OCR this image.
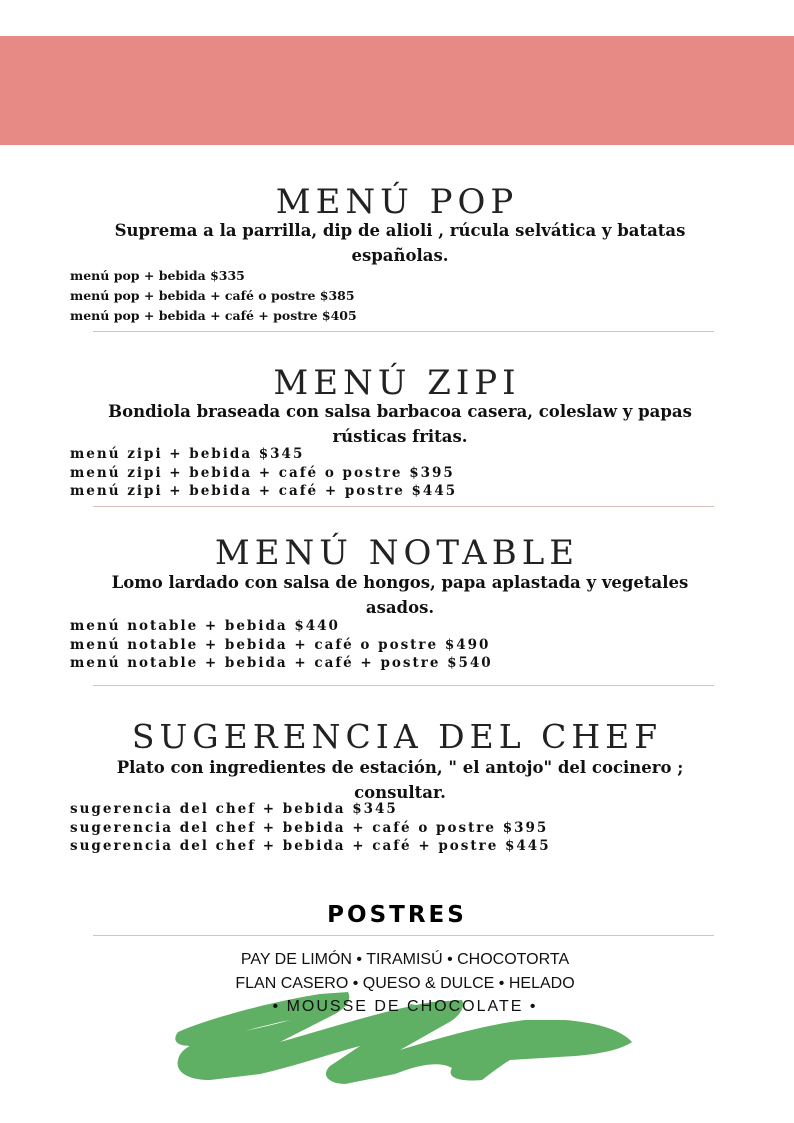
MENÚ POP
Suprema a la parrilla, dip de alioli , rúcula selvática y batatas españolas.
menú pop + bebida $335
menú pop + bebida + café o postre $385
menú pop + bebida + café + postre $405
MENÚ ZIPI
Bondiola braseada con salsa barbacoa casera, coleslaw y papas rústicas fritas.
menú zipi + bebida $345
menú zipi + bebida + café o postre $395
menú zipi + bebida + café + postre $445
MENÚ NOTABLE
Lomo lardado con salsa de hongos, papa aplastada y vegetales asados.
menú notable + bebida $440
menú notable + bebida + café o postre $490
menú notable + bebida + café + postre $540
SUGERENCIA DEL CHEF
Plato con ingredientes de estación, " el antojo" del cocinero ; consultar.
sugerencia del chef + bebida $345
sugerencia del chef + bebida + café o postre $395
sugerencia del chef + bebida + café + postre $445
POSTRES
PAY DE LIMÓN • TIRAMISÚ • CHOCOTORTA
FLAN CASERO • QUESO & DULCE • HELADO
• MOUSSE DE CHOCOLATE •
